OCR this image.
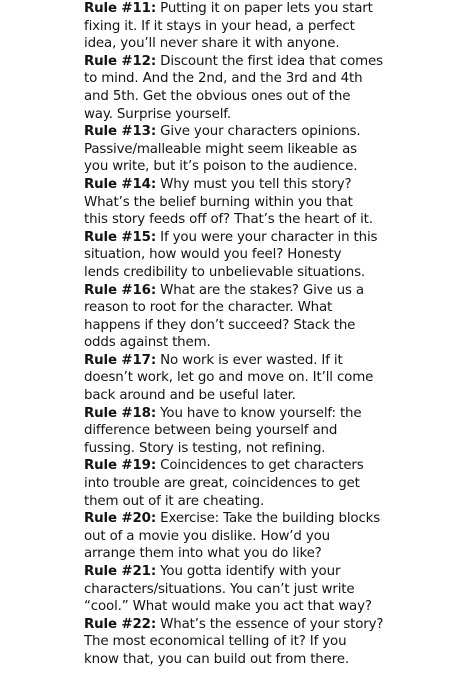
Rule #11: Putting it on paper lets you start
fixing it. If it stays in your head, a perfect
idea, you’ll never share it with anyone.

Rule #12: Discount the first idea that comes
to mind. And the 2nd, and the 3rd and 4th
and 5th. Get the obvious ones out of the
way. Surprise yourself.

Rule #13: Give your characters opinions.
Passive/malleable might seem likeable as
you write, but it’s poison to the audience.

Rule #14: Why must you tell this story?
What’s the belief burning within you that
this story feeds off of? That’s the heart of it.

Rule #15: If you were your character in this
situation, how would you feel? Honesty
lends credibility to unbelievable situations.

Rule #16: What are the stakes? Give us a
reason to root for the character. What
happens if they don’t succeed? Stack the
odds against them.

Rule #17: No work is ever wasted. If it
doesn’t work, let go and move on. It’ll come
back around and be useful later.

Rule #18: You have to know yourself: the
difference between being yourself and
fussing. Story is testing, not refining.

Rule #19: Coincidences to get characters
into trouble are great, coincidences to get
them out of it are cheating.

Rule #20: Exercise: Take the building blocks
out of a movie you dislike. How’d you
arrange them into what you do like?

Rule #21: You gotta identify with your
characters/situations. You can’t just write
“cool.” What would make you act that way?

Rule #22: What’s the essence of your story?
The most economical telling of it? If you
know that, you can build out from there.
